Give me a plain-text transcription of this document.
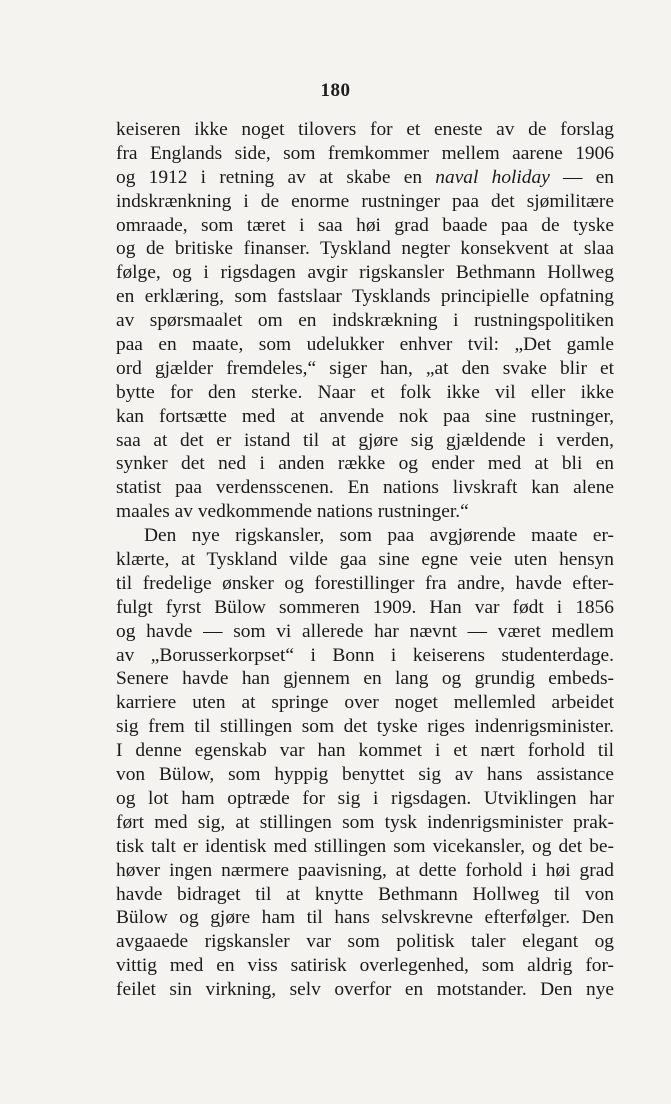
180
keiseren ikke noget tilovers for et eneste av de forslag
fra Englands side, som fremkommer mellem aarene 1906
og 1912 i retning av at skabe en naval holiday — en
indskrænkning i de enorme rustninger paa det sjømilitære
omraade, som tæret i saa høi grad baade paa de tyske
og de britiske finanser. Tyskland negter konsekvent at slaa
følge, og i rigsdagen avgir rigskansler Bethmann Hollweg
en erklæring, som fastslaar Tysklands principielle opfatning
av spørsmaalet om en indskrækning i rustningspolitiken
paa en maate, som udelukker enhver tvil: „Det gamle
ord gjælder fremdeles,“ siger han, „at den svake blir et
bytte for den sterke. Naar et folk ikke vil eller ikke
kan fortsætte med at anvende nok paa sine rustninger,
saa at det er istand til at gjøre sig gjældende i verden,
synker det ned i anden række og ender med at bli en
statist paa verdensscenen. En nations livskraft kan alene
maales av vedkommende nations rustninger.“
Den nye rigskansler, som paa avgjørende maate er-
klærte, at Tyskland vilde gaa sine egne veie uten hensyn
til fredelige ønsker og forestillinger fra andre, havde efter-
fulgt fyrst Bülow sommeren 1909. Han var født i 1856
og havde — som vi allerede har nævnt — været medlem
av „Borusserkorpset“ i Bonn i keiserens studenterdage.
Senere havde han gjennem en lang og grundig embeds-
karriere uten at springe over noget mellemled arbeidet
sig frem til stillingen som det tyske riges indenrigsminister.
I denne egenskab var han kommet i et nært forhold til
von Bülow, som hyppig benyttet sig av hans assistance
og lot ham optræde for sig i rigsdagen. Utviklingen har
ført med sig, at stillingen som tysk indenrigsminister prak-
tisk talt er identisk med stillingen som vicekansler, og det be-
høver ingen nærmere paavisning, at dette forhold i høi grad
havde bidraget til at knytte Bethmann Hollweg til von
Bülow og gjøre ham til hans selvskrevne efterfølger. Den
avgaaede rigskansler var som politisk taler elegant og
vittig med en viss satirisk overlegenhed, som aldrig for-
feilet sin virkning, selv overfor en motstander. Den nye
